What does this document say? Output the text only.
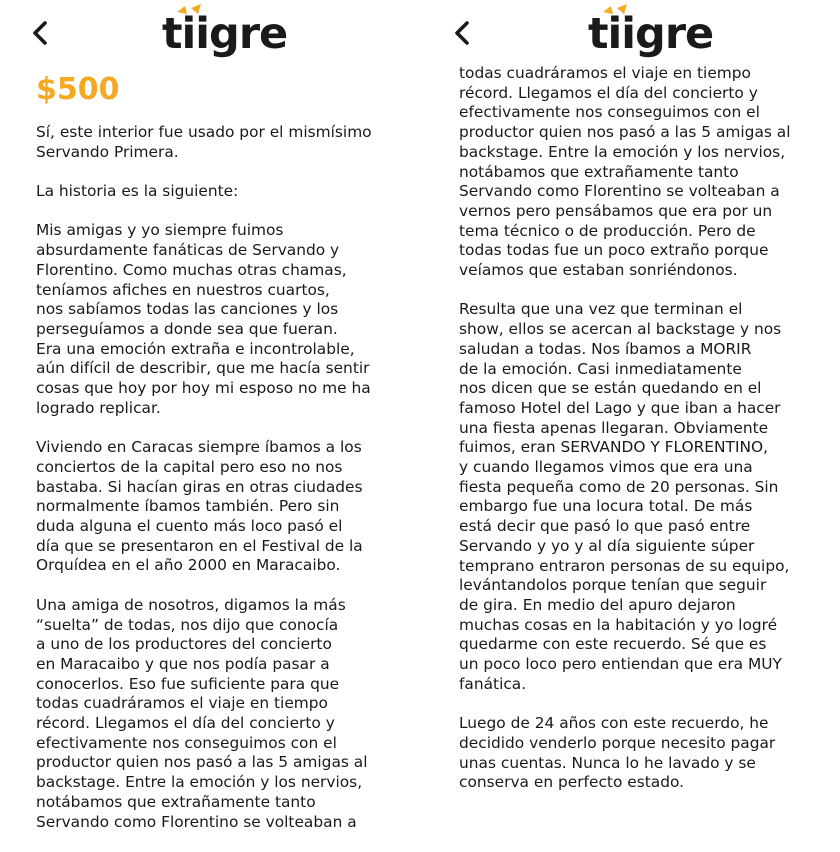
tiigre
$500

Sí, este interior fue usado por el mismísimo
Servando Primera.

La historia es la siguiente:

Mis amigas y yo siempre fuimos
absurdamente fanáticas de Servando y
Florentino. Como muchas otras chamas,
teníamos afiches en nuestros cuartos,
nos sabíamos todas las canciones y los
perseguíamos a donde sea que fueran.
Era una emoción extraña e incontrolable,
aún difícil de describir, que me hacía sentir
cosas que hoy por hoy mi esposo no me ha
logrado replicar.

Viviendo en Caracas siempre íbamos a los
conciertos de la capital pero eso no nos
bastaba. Si hacían giras en otras ciudades
normalmente íbamos también. Pero sin
duda alguna el cuento más loco pasó el
día que se presentaron en el Festival de la
Orquídea en el año 2000 en Maracaibo.

Una amiga de nosotros, digamos la más
“suelta” de todas, nos dijo que conocía
a uno de los productores del concierto
en Maracaibo y que nos podía pasar a
conocerlos. Eso fue suficiente para que
todas cuadráramos el viaje en tiempo
récord. Llegamos el día del concierto y
efectivamente nos conseguimos con el
productor quien nos pasó a las 5 amigas al
backstage. Entre la emoción y los nervios,
notábamos que extrañamente tanto
Servando como Florentino se volteaban a

todas cuadráramos el viaje en tiempo
récord. Llegamos el día del concierto y
efectivamente nos conseguimos con el
productor quien nos pasó a las 5 amigas al
backstage. Entre la emoción y los nervios,
notábamos que extrañamente tanto
Servando como Florentino se volteaban a
vernos pero pensábamos que era por un
tema técnico o de producción. Pero de
todas todas fue un poco extraño porque
veíamos que estaban sonriéndonos.

Resulta que una vez que terminan el
show, ellos se acercan al backstage y nos
saludan a todas. Nos íbamos a MORIR
de la emoción. Casi inmediatamente
nos dicen que se están quedando en el
famoso Hotel del Lago y que iban a hacer
una fiesta apenas llegaran. Obviamente
fuimos, eran SERVANDO Y FLORENTINO,
y cuando llegamos vimos que era una
fiesta pequeña como de 20 personas. Sin
embargo fue una locura total. De más
está decir que pasó lo que pasó entre
Servando y yo y al día siguiente súper
temprano entraron personas de su equipo,
levántandolos porque tenían que seguir
de gira. En medio del apuro dejaron
muchas cosas en la habitación y yo logré
quedarme con este recuerdo. Sé que es
un poco loco pero entiendan que era MUY
fanática.

Luego de 24 años con este recuerdo, he
decidido venderlo porque necesito pagar
unas cuentas. Nunca lo he lavado y se
conserva en perfecto estado.

tiigre
